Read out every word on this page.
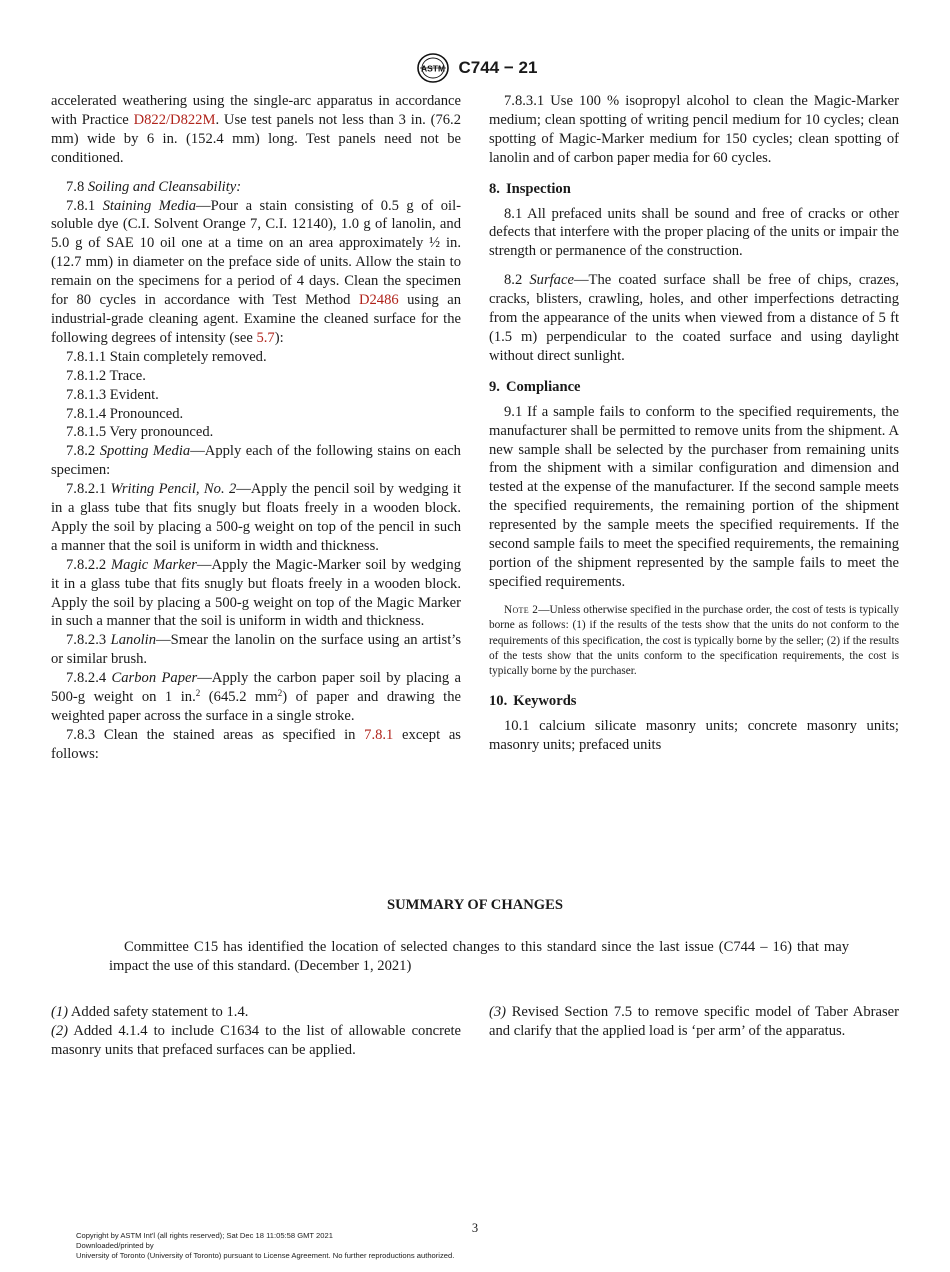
ASTM C744 − 21

accelerated weathering using the single-arc apparatus in accordance with Practice D822/D822M. Use test panels not less than 3 in. (76.2 mm) wide by 6 in. (152.4 mm) long. Test panels need not be conditioned.

7.8 Soiling and Cleansability:

7.8.1 Staining Media—Pour a stain consisting of 0.5 g of oil-soluble dye (C.I. Solvent Orange 7, C.I. 12140), 1.0 g of lanolin, and 5.0 g of SAE 10 oil one at a time on an area approximately ½ in. (12.7 mm) in diameter on the preface side of units. Allow the stain to remain on the specimens for a period of 4 days. Clean the specimen for 80 cycles in accordance with Test Method D2486 using an industrial-grade cleaning agent. Examine the cleaned surface for the following degrees of intensity (see 5.7):

7.8.1.1 Stain completely removed.

7.8.1.2 Trace.

7.8.1.3 Evident.

7.8.1.4 Pronounced.

7.8.1.5 Very pronounced.

7.8.2 Spotting Media—Apply each of the following stains on each specimen:

7.8.2.1 Writing Pencil, No. 2—Apply the pencil soil by wedging it in a glass tube that fits snugly but floats freely in a wooden block. Apply the soil by placing a 500-g weight on top of the pencil in such a manner that the soil is uniform in width and thickness.

7.8.2.2 Magic Marker—Apply the Magic-Marker soil by wedging it in a glass tube that fits snugly but floats freely in a wooden block. Apply the soil by placing a 500-g weight on top of the Magic Marker in such a manner that the soil is uniform in width and thickness.

7.8.2.3 Lanolin—Smear the lanolin on the surface using an artist’s or similar brush.

7.8.2.4 Carbon Paper—Apply the carbon paper soil by placing a 500-g weight on 1 in.$^2$ (645.2 $mm^2$) of paper and drawing the weighted paper across the surface in a single stroke.

7.8.3 Clean the stained areas as specified in 7.8.1 except as follows:

7.8.3.1 Use 100 % isopropyl alcohol to clean the Magic-Marker medium; clean spotting of writing pencil medium for 10 cycles; clean spotting of Magic-Marker medium for 150 cycles; clean spotting of lanolin and of carbon paper media for 60 cycles.

8. Inspection

8.1 All prefaced units shall be sound and free of cracks or other defects that interfere with the proper placing of the units or impair the strength or permanence of the construction.

8.2 Surface—The coated surface shall be free of chips, crazes, cracks, blisters, crawling, holes, and other imperfections detracting from the appearance of the units when viewed from a distance of 5 ft (1.5 m) perpendicular to the coated surface and using daylight without direct sunlight.

9. Compliance

9.1 If a sample fails to conform to the specified requirements, the manufacturer shall be permitted to remove units from the shipment. A new sample shall be selected by the purchaser from remaining units from the shipment with a similar configuration and dimension and tested at the expense of the manufacturer. If the second sample meets the specified requirements, the remaining portion of the shipment represented by the sample meets the specified requirements. If the second sample fails to meet the specified requirements, the remaining portion of the shipment represented by the sample fails to meet the specified requirements.

Note 2—Unless otherwise specified in the purchase order, the cost of tests is typically borne as follows: (1) if the results of the tests show that the units do not conform to the requirements of this specification, the cost is typically borne by the seller; (2) if the results of the tests show that the units conform to the specification requirements, the cost is typically borne by the purchaser.

10. Keywords

10.1 calcium silicate masonry units; concrete masonry units; masonry units; prefaced units

SUMMARY OF CHANGES
Committee C15 has identified the location of selected changes to this standard since the last issue (C744 – 16) that may impact the use of this standard. (December 1, 2021)

(1) Added safety statement to 1.4.

(2) Added 4.1.4 to include C1634 to the list of allowable concrete masonry units that prefaced surfaces can be applied.

(3) Revised Section 7.5 to remove specific model of Taber Abraser and clarify that the applied load is ‘per arm’ of the apparatus.

3
Copyright by ASTM Int'l (all rights reserved); Sat Dec 18 11:05:58 GMT 2021
Downloaded/printed by
University of Toronto (University of Toronto) pursuant to License Agreement. No further reproductions authorized.
